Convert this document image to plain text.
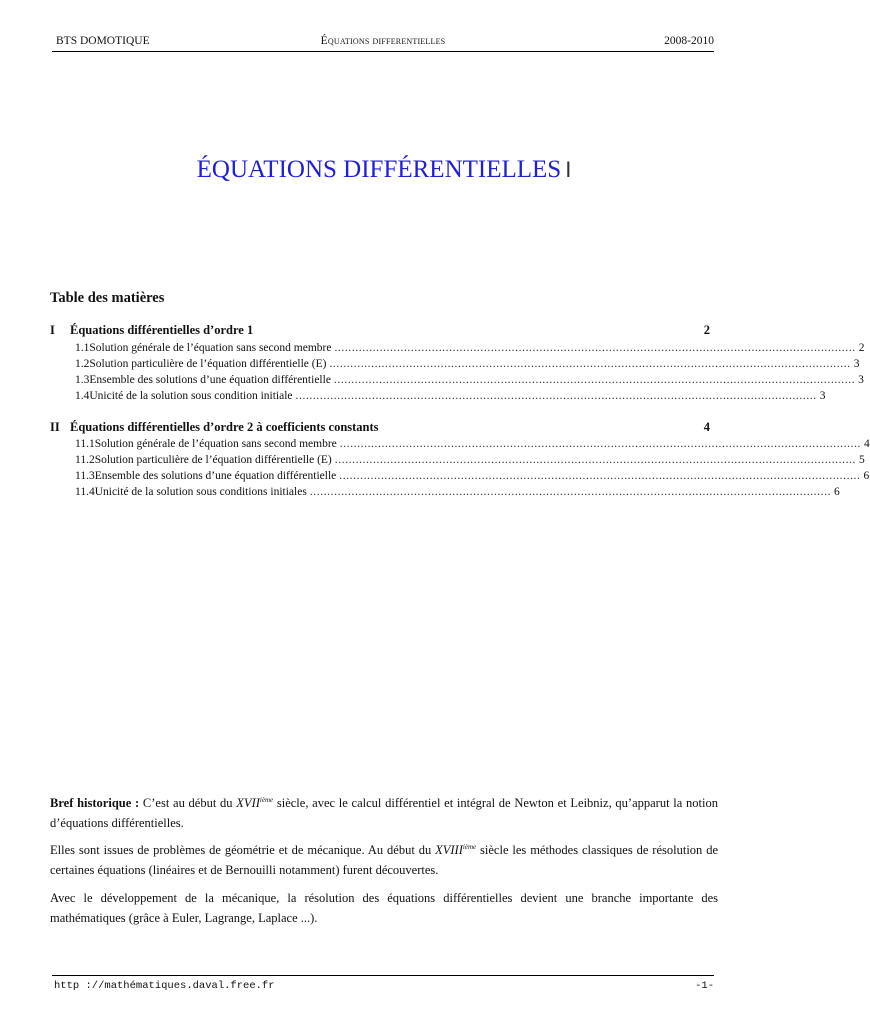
BTS DOMOTIQUE	Équations differentielles	2008-2010
ÉQUATIONS DIFFÉRENTIELLES I
Table des matières
I Équations différentielles d’ordre 1	2
1.1 Solution générale de l’équation sans second membre ...................................................................................................................................................... 2
1.2 Solution particulière de l’équation différentielle (E) ...................................................................................................................................................... 3
1.3 Ensemble des solutions d’une équation différentielle ...................................................................................................................................................... 3
1.4 Unicité de la solution sous condition initiale ...................................................................................................................................................... 3
II Équations différentielles d’ordre 2 à coefficients constants	4
11.1 Solution générale de l’équation sans second membre ...................................................................................................................................................... 4
11.2 Solution particulière de l’équation différentielle (E) ...................................................................................................................................................... 5
11.3 Ensemble des solutions d’une équation différentielle ...................................................................................................................................................... 6
11.4 Unicité de la solution sous conditions initiales ...................................................................................................................................................... 6
Bref historique : C’est au début du XVIIième siècle, avec le calcul différentiel et intégral de Newton et Leibniz, qu’apparut la notion d’équations différentielles.
Elles sont issues de problèmes de géométrie et de mécanique. Au début du XVIIIième siècle les méthodes classiques de résolution de certaines équations (linéaires et de Bernouilli notamment) furent découvertes.
Avec le développement de la mécanique, la résolution des équations différentielles devient une branche importante des mathématiques (grâce à Euler, Lagrange, Laplace ...).
http ://mathématiques.daval.free.fr	-1-
